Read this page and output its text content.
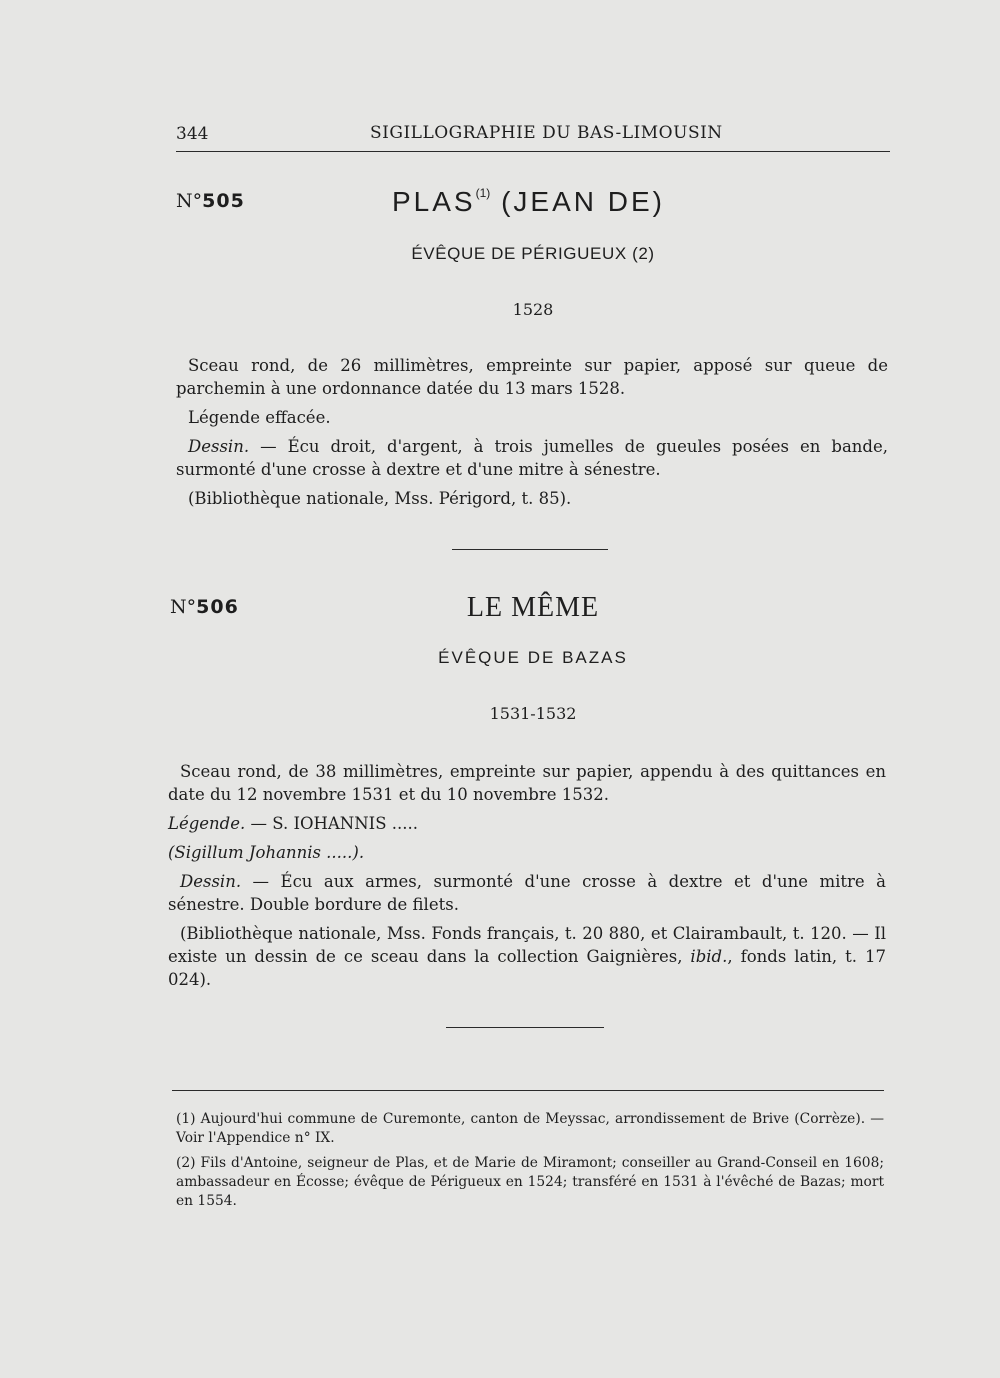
344	SIGILLOGRAPHIE DU BAS-LIMOUSIN
N°505	PLAS$^{(1)}$ (JEAN DE)
ÉVÊQUE DE PÉRIGUEUX (2)
1528

Sceau rond, de 26 millimètres, empreinte sur papier, apposé sur queue de parchemin à une ordonnance datée du 13 mars 1528.

Légende effacée.

Dessin. — Écu droit, d'argent, à trois jumelles de gueules posées en bande, surmonté d'une crosse à dextre et d'une mitre à sénestre.

(Bibliothèque nationale, Mss. Périgord, t. 85).

N°506	LE MÊME
ÉVÊQUE DE BAZAS
1531-1532

Sceau rond, de 38 millimètres, empreinte sur papier, appendu à des quittances en date du 12 novembre 1531 et du 10 novembre 1532.

Légende. — S. IOHANNIS .....

(Sigillum Johannis .....).

Dessin. — Écu aux armes, surmonté d'une crosse à dextre et d'une mitre à sénestre. Double bordure de filets.

(Bibliothèque nationale, Mss. Fonds français, t. 20 880, et Clairambault, t. 120. — Il existe un dessin de ce sceau dans la collection Gaignières, ibid., fonds latin, t. 17 024).

(1) Aujourd'hui commune de Curemonte, canton de Meyssac, arrondissement de Brive (Corrèze). — Voir l'Appendice n° IX.

(2) Fils d'Antoine, seigneur de Plas, et de Marie de Miramont; conseiller au Grand-Conseil en 1608; ambassadeur en Écosse; évêque de Périgueux en 1524; transféré en 1531 à l'évêché de Bazas; mort en 1554.
